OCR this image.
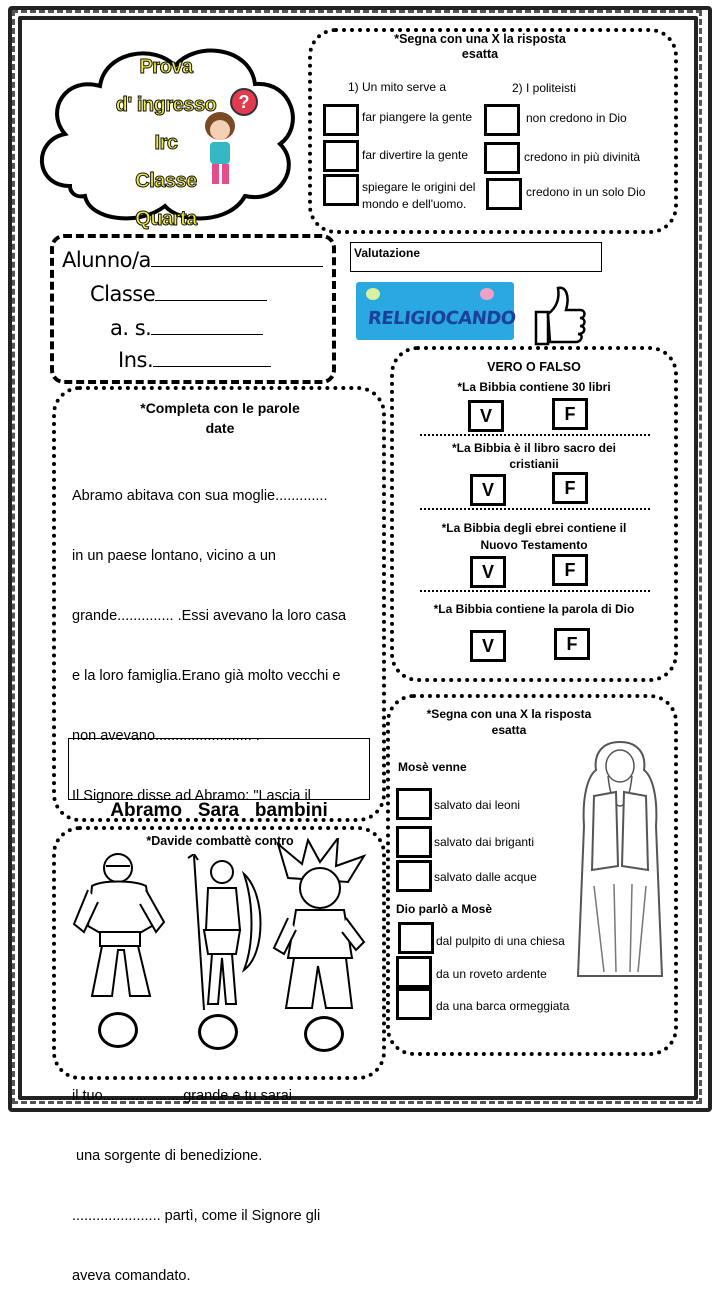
Prova
d' ingresso
Irc
Classe Quarta
?
*Segna con una X la risposta
esatta
1) Un mito serve a	2) I politeisti
far piangere la gente
far divertire la gente
spiegare le origini del
mondo e dell'uomo.
non credono in Dio
credono in più divinità
credono in un solo Dio
Alunno/a
Classe
a. s.
Ins.
Valutazione
RELIGIOCANDO
VERO O FALSO
*La Bibbia contiene 30 libri
V	F
*La Bibbia è il libro sacro dei
cristianii
V	F
*La Bibbia degli ebrei contiene il
Nuovo Testamento
V	F
*La Bibbia contiene la parola di Dio
V	F
*Completa con le parole
date

Abramo abitava con sua moglie.............

in un paese lontano, vicino a un

grande.............. .Essi avevano la loro casa

e la loro famiglia.Erano già molto vecchi e

non avevano........................ .

Il Signore disse ad Abramo: "Lascia il

il tuo................... grande e tu sarai

una sorgente di benedizione.

...................... partì, come il Signore gli

aveva comandato.

Abramo   Sara   bambini

*Davide combattè contro
*Segna con una X la risposta
esatta
Mosè venne
salvato dai leoni
salvato dai briganti
salvato dalle acque
Dio parlò a Mosè
dal pulpito di una chiesa
da un roveto ardente
da una barca ormeggiata
